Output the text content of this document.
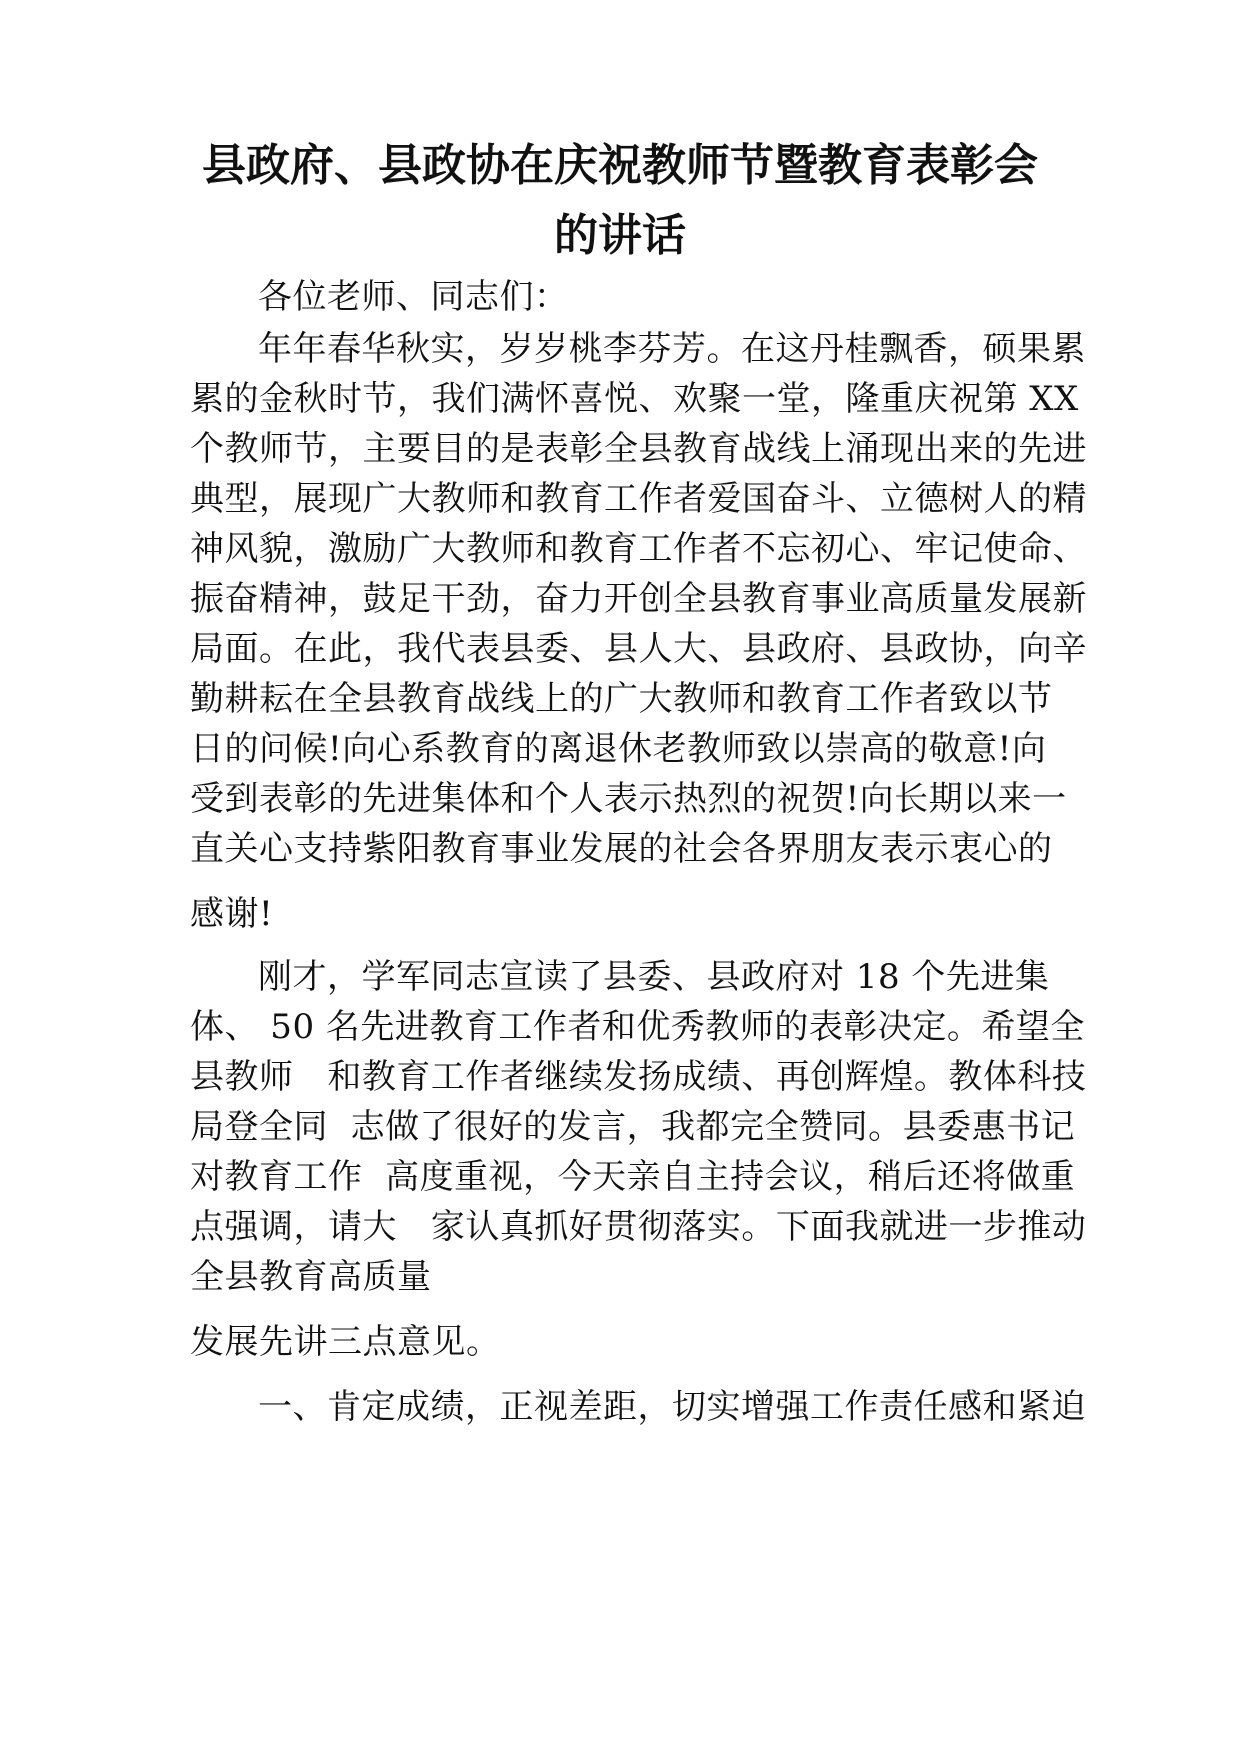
县政府、县政协在庆祝教师节暨教育表彰会
的讲话
各位老师、同志们：
年年春华秋实，岁岁桃李芬芳。在这丹桂飘香，硕果累
累的金秋时节，我们满怀喜悦、欢聚一堂，隆重庆祝第 XX
个教师节，主要目的是表彰全县教育战线上涌现出来的先进
典型，展现广大教师和教育工作者爱国奋斗、立德树人的精
神风貌，激励广大教师和教育工作者不忘初心、牢记使命、
振奋精神，鼓足干劲，奋力开创全县教育事业高质量发展新
局面。在此，我代表县委、县人大、县政府、县政协，向辛
勤耕耘在全县教育战线上的广大教师和教育工作者致以节
日的问候!向心系教育的离退休老教师致以崇高的敬意!向
受到表彰的先进集体和个人表示热烈的祝贺!向长期以来一
直关心支持紫阳教育事业发展的社会各界朋友表示衷心的
感谢!
刚才，学军同志宣读了县委、县政府对 18 个先进集
体、 50 名先进教育工作者和优秀教师的表彰决定。希望全
县教师   和教育工作者继续发扬成绩、再创辉煌。教体科技
局登全同  志做了很好的发言，我都完全赞同。县委惠书记
对教育工作  高度重视，今天亲自主持会议，稍后还将做重
点强调，请大   家认真抓好贯彻落实。下面我就进一步推动
全县教育高质量
发展先讲三点意见。
一、肯定成绩，正视差距，切实增强工作责任感和紧迫
